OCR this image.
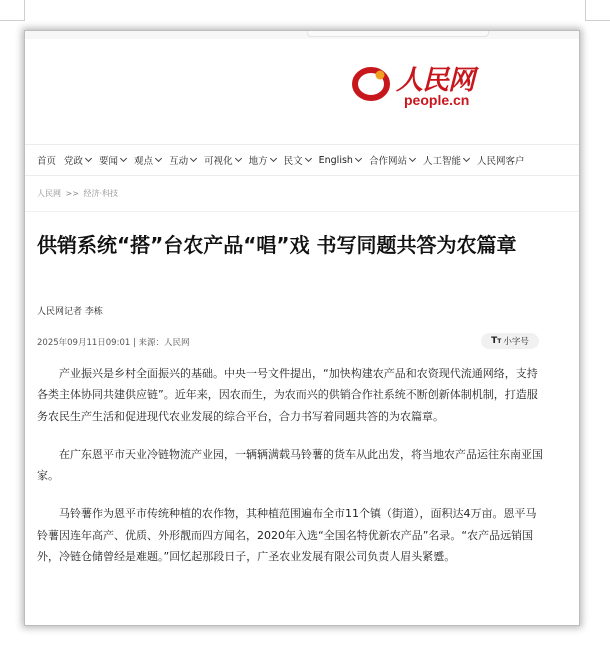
人民网
people.cn
首页 党政 要闻 观点 互动 可视化 地方 民文 English 合作网站 人工智能 人民网客户
人民网 >> 经济·科技
供销系统“搭”台农产品“唱”戏 书写同题共答为农篇章
人民网记者 李栋
2025年09月11日09:01 | 来源：人民网	TT 小字号

产业振兴是乡村全面振兴的基础。中央一号文件提出，“加快构建农产品和农资现代流通网络，支持各类主体协同共建供应链”。近年来，因农而生，为农而兴的供销合作社系统不断创新体制机制，打造服务农民生产生活和促进现代农业发展的综合平台，合力书写着同题共答的为农篇章。

在广东恩平市天业冷链物流产业园，一辆辆满载马铃薯的货车从此出发，将当地农产品运往东南亚国家。

马铃薯作为恩平市传统种植的农作物，其种植范围遍布全市11个镇（街道），面积达4万亩。恩平马铃薯因连年高产、优质、外形靓而四方闻名，2020年入选“全国名特优新农产品”名录。“农产品远销国外，冷链仓储曾经是难题。”回忆起那段日子，广圣农业发展有限公司负责人眉头紧蹙。
